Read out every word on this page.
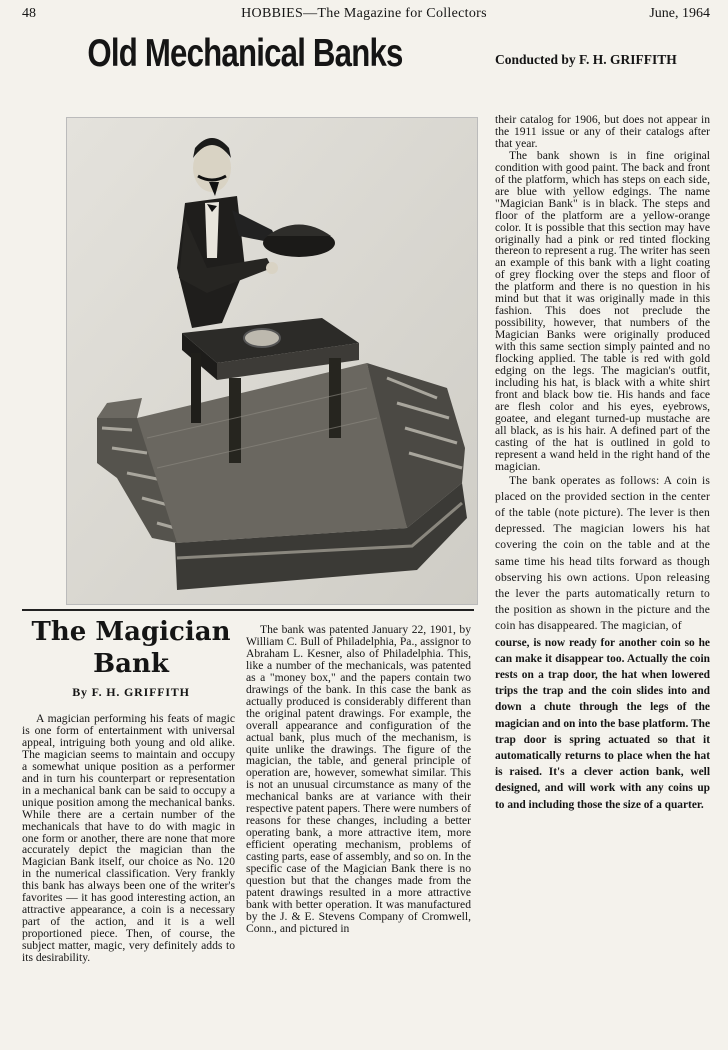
48	HOBBIES—The Magazine for Collectors	June, 1964
Old Mechanical Banks	Conducted by F. H. GRIFFITH
The Magician
Bank
By F. H. GRIFFITH

A magician performing his feats of magic is one form of entertainment with universal appeal, intriguing both young and old alike. The magician seems to maintain and occupy a somewhat unique position as a performer and in turn his counterpart or representation in a mechanical bank can be said to occupy a unique position among the mechanical banks. While there are a certain number of the mechanicals that have to do with magic in one form or another, there are none that more accurately depict the magician than the Magician Bank itself, our choice as No. 120 in the numerical classification. Very frankly this bank has always been one of the writer's favorites — it has good interesting action, an attractive appearance, a coin is a necessary part of the action, and it is a well proportioned piece. Then, of course, the subject matter, magic, very definitely adds to its desirability.

The bank was patented January 22, 1901, by William C. Bull of Philadelphia, Pa., assignor to Abraham L. Kesner, also of Philadelphia. This, like a number of the mechanicals, was patented as a "money box," and the papers contain two drawings of the bank. In this case the bank as actually produced is considerably different than the original patent drawings. For example, the overall appearance and configuration of the actual bank, plus much of the mechanism, is quite unlike the drawings. The figure of the magician, the table, and general principle of operation are, however, somewhat similar. This is not an unusual circumstance as many of the mechanical banks are at variance with their respective patent papers. There were numbers of reasons for these changes, including a better operating bank, a more attractive item, more efficient operating mechanism, problems of casting parts, ease of assembly, and so on. In the specific case of the Magician Bank there is no question but that the changes made from the patent drawings resulted in a more attractive bank with better operation. It was manufactured by the J. & E. Stevens Company of Cromwell, Conn., and pictured in

their catalog for 1906, but does not appear in the 1911 issue or any of their catalogs after that year.

The bank shown is in fine original condition with good paint. The back and front of the platform, which has steps on each side, are blue with yellow edgings. The name "Magician Bank" is in black. The steps and floor of the platform are a yellow-orange color. It is possible that this section may have originally had a pink or red tinted flocking thereon to represent a rug. The writer has seen an example of this bank with a light coating of grey flocking over the steps and floor of the platform and there is no question in his mind but that it was originally made in this fashion. This does not preclude the possibility, however, that numbers of the Magician Banks were originally produced with this same section simply painted and no flocking applied. The table is red with gold edging on the legs. The magician's outfit, including his hat, is black with a white shirt front and black bow tie. His hands and face are flesh color and his eyes, eyebrows, goatee, and elegant turned-up mustache are all black, as is his hair. A defined part of the casting of the hat is outlined in gold to represent a wand held in the right hand of the magician.

The bank operates as follows: A coin is placed on the provided section in the center of the table (note picture). The lever is then depressed. The magician lowers his hat covering the coin on the table and at the same time his head tilts forward as though observing his own actions. Upon releasing the lever the parts automatically return to the position as shown in the picture and the coin has disappeared. The magician, of

course, is now ready for another coin so he can make it disappear too. Actually the coin rests on a trap door, the hat when lowered trips the trap and the coin slides into and down a chute through the legs of the magician and on into the base platform. The trap door is spring actuated so that it automatically returns to place when the hat is raised. It's a clever action bank, well designed, and will work with any coins up to and including those the size of a quarter.
